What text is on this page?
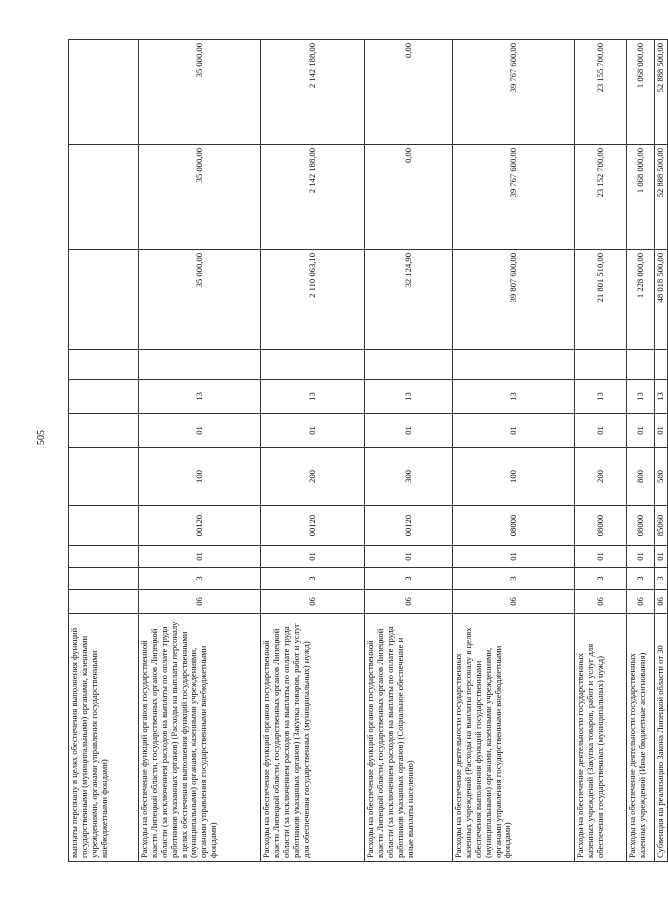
505
выплаты персоналу в целях обеспечения выполнения функций государственными (муниципальными) органами, казенными учреждениями, органами управления государственными внебюджетными фондами)											
Расходы на обеспечение функций органов государственной власти Липецкой области, государственных органов Липецкой области (за исключением расходов на выплаты по оплате труда работников указанных органов) (Расходы на выплаты персоналу в целях обеспечения выполнения функций государственными (муниципальными) органами, казенными учреждениями, органами управления государственными внебюджетными фондами)	06	3	01	00120	100	01	13		35 000,00	35 000,00	35 000,00
Расходы на обеспечение функций органов государственной власти Липецкой области, государственных органов Липецкой области (за исключением расходов на выплаты по оплате труда работников указанных органов) (Закупка товаров, работ и услуг для обеспечения государственных (муниципальных) нужд)	06	3	01	00120	200	01	13		2 110 063,10	2 142 188,00	2 142 188,00
Расходы на обеспечение функций органов государственной власти Липецкой области, государственных органов Липецкой области (за исключением расходов на выплаты по оплате труда работников указанных органов) (Социальное обеспечение и иные выплаты населению)	06	3	01	00120	300	01	13		32 124,90	0,00	0,00
Расходы на обеспечение деятельности государственных казенных учреждений (Расходы на выплаты персоналу в целях обеспечения выполнения функций государственными (муниципальными) органами, казенными учреждениями, органами управления государственными внебюджетными фондами)	06	3	01	08000	100	01	13		39 807 600,00	39 767 600,00	39 767 600,00
Расходы на обеспечение деятельности государственных казенных учреждений (Закупка товаров, работ и услуг для обеспечения государственных (муниципальных) нужд)	06	3	01	08000	200	01	13		21 801 510,00	23 152 700,00	23 155 700,00
Расходы на обеспечение деятельности государственных казенных учреждений (Иные бюджетные ассигнования)	06	3	01	08000	800	01	13		1 228 000,00	1 068 000,00	1 068 000,00
Субвенция на реализацию Закона Липецкой области от 30	06	3	01	85060	500	01	13		48 018 500,00	52 888 500,00	52 888 500,00
